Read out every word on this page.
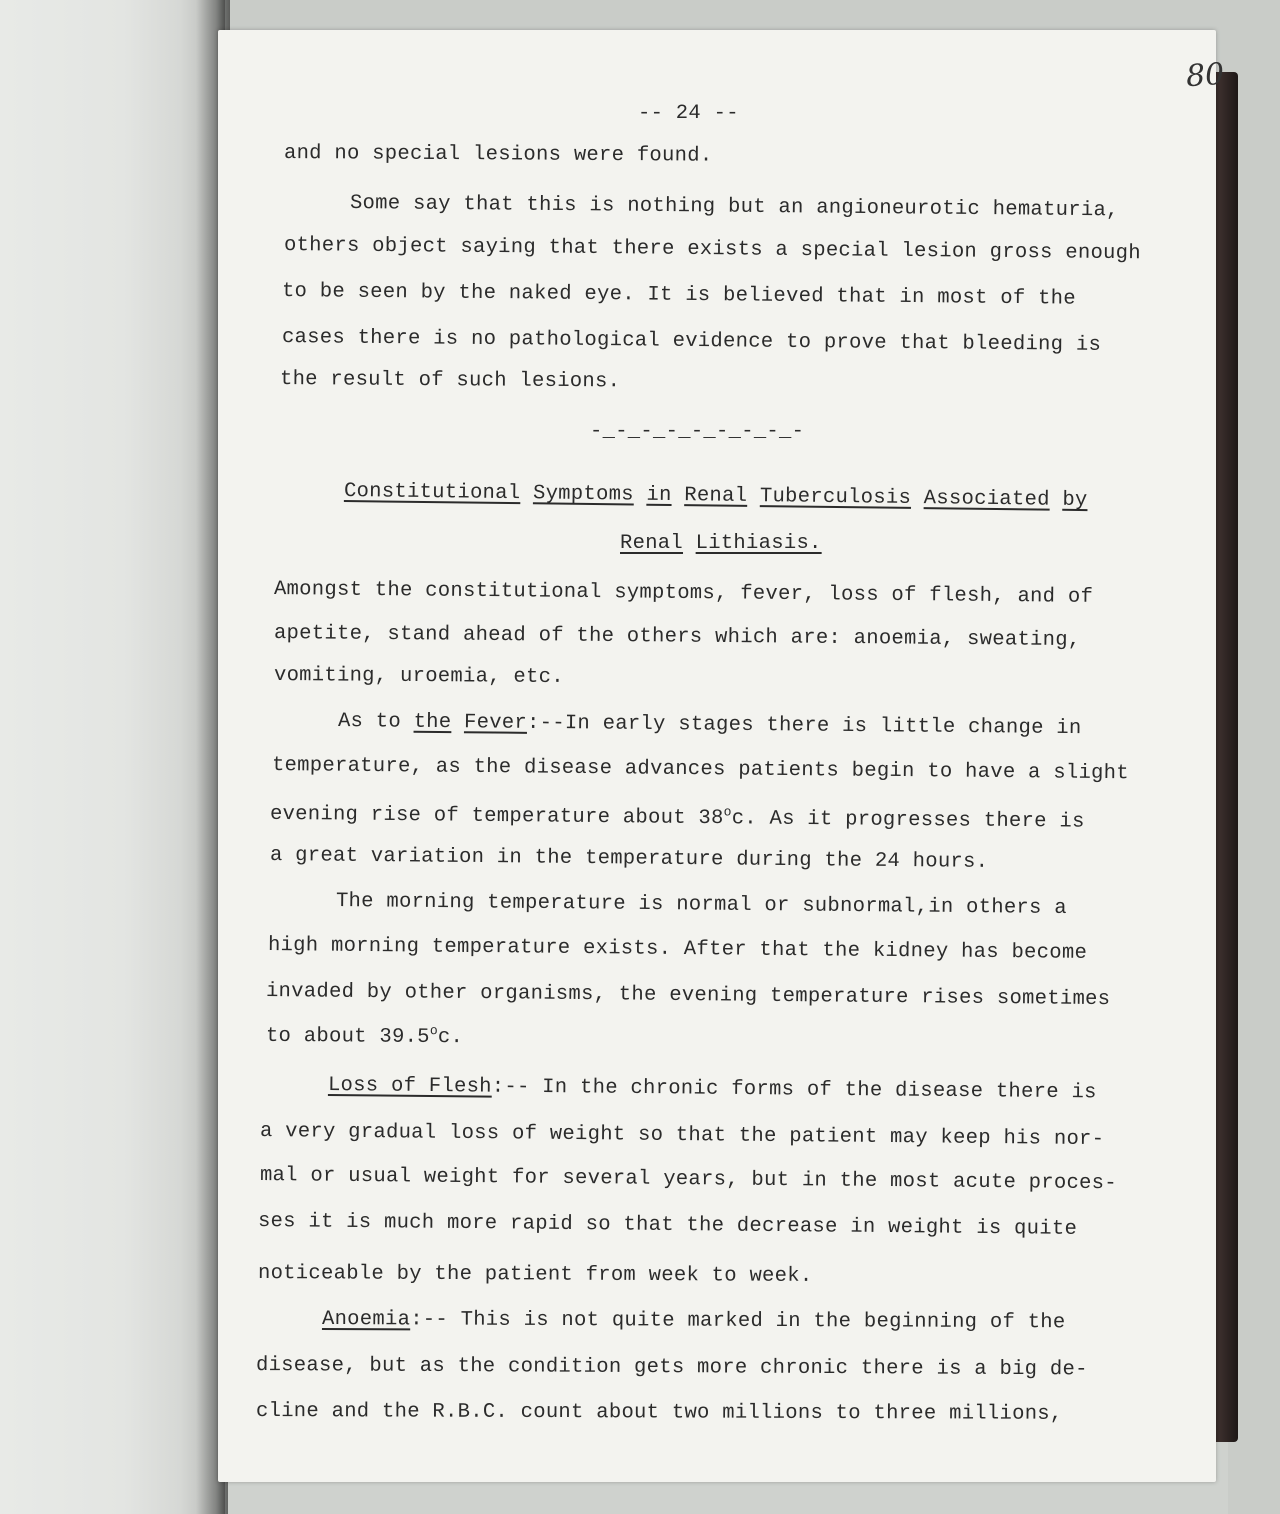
80
-- 24 --
and no special lesions were found.
Some say that this is nothing but an angioneurotic hematuria,
others object saying that there exists a special lesion gross enough
to be seen by the naked eye. It is believed that in most of the
cases there is no pathological evidence to prove that bleeding is
the result of such lesions.
-_-_-_-_-_-_-_-_-
Constitutional Symptoms in Renal Tuberculosis Associated by
Renal Lithiasis.
Amongst the constitutional symptoms, fever, loss of flesh, and of
apetite, stand ahead of the others which are: anoemia, sweating,
vomiting, uroemia, etc.
As to the Fever:--In early stages there is little change in
temperature, as the disease advances patients begin to have a slight
evening rise of temperature about 38$^o$c. As it progresses there is
a great variation in the temperature during the 24 hours.
The morning temperature is normal or subnormal,in others a
high morning temperature exists. After that the kidney has become
invaded by other organisms, the evening temperature rises sometimes
to about 39.5$^o$c.
Loss of Flesh:-- In the chronic forms of the disease there is
a very gradual loss of weight so that the patient may keep his nor-
mal or usual weight for several years, but in the most acute proces-
ses it is much more rapid so that the decrease in weight is quite
noticeable by the patient from week to week.
Anoemia:-- This is not quite marked in the beginning of the
disease, but as the condition gets more chronic there is a big de-
cline and the R.B.C. count about two millions to three millions,
